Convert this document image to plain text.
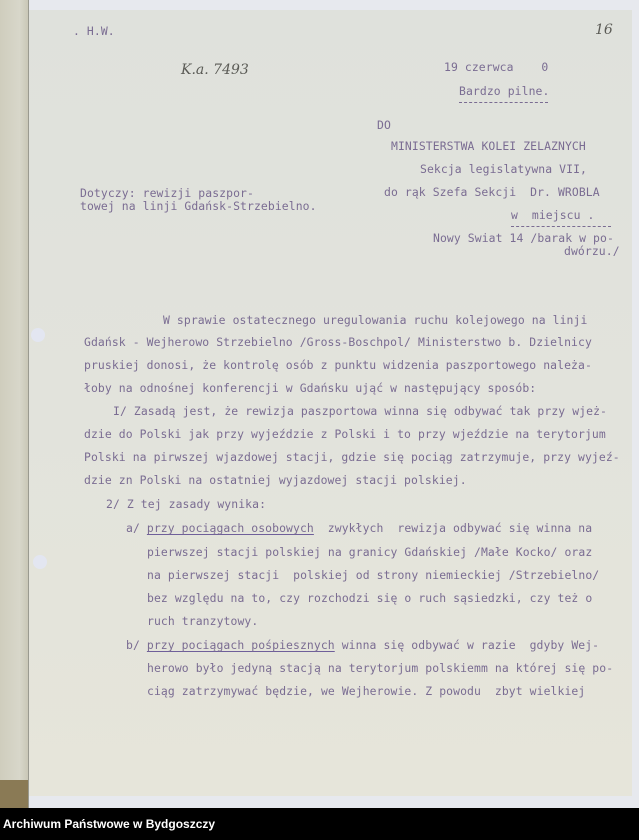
. H.W.
K.a. 7493
16
19 czerwca    0
Bardzo pilne.
DO
MINISTERSTWA KOLEI ZELAZNYCH
Sekcja legislatywna VII,
do rąk Szefa Sekcji  Dr. WROBLA
w  miejscu .
Nowy Swiat 14 /barak w po-
dwórzu./
Dotyczy: rewizji paszpor-
towej na linji Gdańsk-Strzebielno.
W sprawie ostatecznego uregulowania ruchu kolejowego na linji
Gdańsk - Wejherowo Strzebielno /Gross-Boschpol/ Ministerstwo b. Dzielnicy
pruskiej donosi, że kontrolę osób z punktu widzenia paszportowego należa-
łoby na odnośnej konferencji w Gdańsku ująć w następujący sposób:
I/ Zasadą jest, że rewizja paszportowa winna się odbywać tak przy wjeż-
dzie do Polski jak przy wyjeździe z Polski i to przy wjeździe na terytorjum
Polski na pirwszej wjazdowej stacji, gdzie się pociąg zatrzymuje, przy wyjeź-
dzie zn Polski na ostatniej wyjazdowej stacji polskiej.
2/ Z tej zasady wynika:
a/ przy pociągach osobowych  zwykłych  rewizja odbywać się winna na
pierwszej stacji polskiej na granicy Gdańskiej /Małe Kocko/ oraz
na pierwszej stacji  polskiej od strony niemieckiej /Strzebielno/
bez względu na to, czy rozchodzi się o ruch sąsiedzki, czy też o
ruch tranzytowy.
b/ przy pociągach pośpiesznych winna się odbywać w razie  gdyby Wej-
herowo było jedyną stacją na terytorjum polskiemm na której się po-
ciąg zatrzymywać będzie, we Wejherowie. Z powodu  zbyt wielkiej
Archiwum Państwowe w Bydgoszczy
